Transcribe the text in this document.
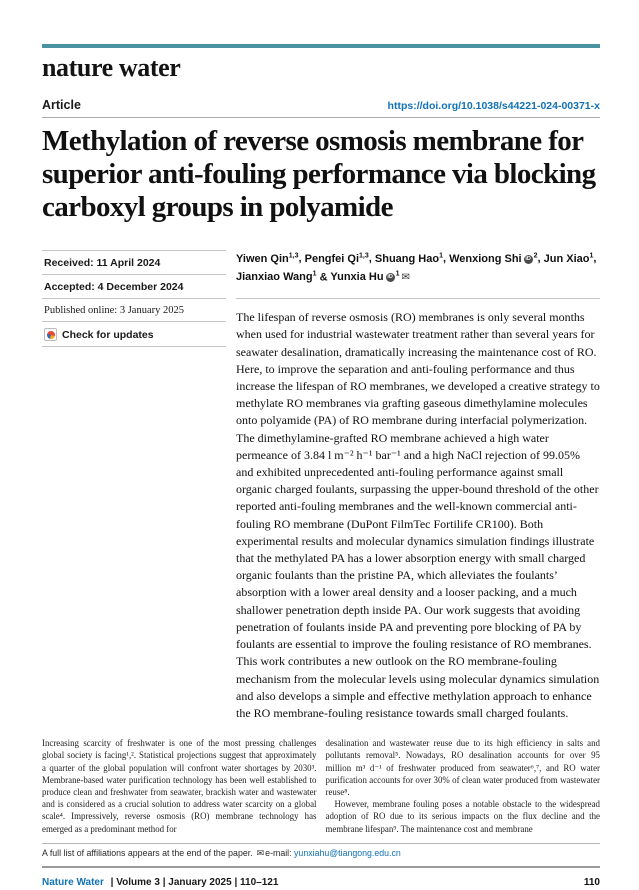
nature water
Article	https://doi.org/10.1038/s44221-024-00371-x
Methylation of reverse osmosis membrane for superior anti-fouling performance via blocking carboxyl groups in polyamide
Received: 11 April 2024
Accepted: 4 December 2024
Published online: 3 January 2025
Check for updates
Yiwen Qin$^{1,3}$, Pengfei Qi$^{1,3}$, Shuang Hao$^1$, Wenxiong Shi iD $^2$, Jun Xiao$^1$, Jianxiao Wang$^1$ & Yunxia Hu iD $^1$ ✉

The lifespan of reverse osmosis (RO) membranes is only several months when used for industrial wastewater treatment rather than several years for seawater desalination, dramatically increasing the maintenance cost of RO. Here, to improve the separation and anti-fouling performance and thus increase the lifespan of RO membranes, we developed a creative strategy to methylate RO membranes via grafting gaseous dimethylamine molecules onto polyamide (PA) of RO membrane during interfacial polymerization. The dimethylamine-grafted RO membrane achieved a high water permeance of 3.84 l m⁻² h⁻¹ bar⁻¹ and a high NaCl rejection of 99.05% and exhibited unprecedented anti-fouling performance against small organic charged foulants, surpassing the upper-bound threshold of the other reported anti-fouling membranes and the well-known commercial anti-fouling RO membrane (DuPont FilmTec Fortilife CR100). Both experimental results and molecular dynamics simulation findings illustrate that the methylated PA has a lower absorption energy with small charged organic foulants than the pristine PA, which alleviates the foulants’ absorption with a lower areal density and a looser packing, and a much shallower penetration depth inside PA. Our work suggests that avoiding penetration of foulants inside PA and preventing pore blocking of PA by foulants are essential to improve the fouling resistance of RO membranes. This work contributes a new outlook on the RO membrane-fouling mechanism from the molecular levels using molecular dynamics simulation and also develops a simple and effective methylation approach to enhance the RO membrane-fouling resistance towards small charged foulants.

Increasing scarcity of freshwater is one of the most pressing challenges global society is facing¹,². Statistical projections suggest that approximately a quarter of the global population will confront water shortages by 2030³. Membrane-based water purification technology has been well established to produce clean and freshwater from seawater, brackish water and wastewater and is considered as a crucial solution to address water scarcity on a global scale⁴. Impressively, reverse osmosis (RO) membrane technology has emerged as a predominant method for

desalination and wastewater reuse due to its high efficiency in salts and pollutants removal⁵. Nowadays, RO desalination accounts for over 95 million m³ d⁻¹ of freshwater produced from seawater⁶,⁷, and RO water purification accounts for over 30% of clean water produced from wastewater reuse⁸.

However, membrane fouling poses a notable obstacle to the widespread adoption of RO due to its serious impacts on the flux decline and the membrane lifespan⁹. The maintenance cost and membrane

A full list of affiliations appears at the end of the paper. ✉e-mail: yunxiahu@tiangong.edu.cn
Nature Water | Volume 3 | January 2025 | 110–121	110
